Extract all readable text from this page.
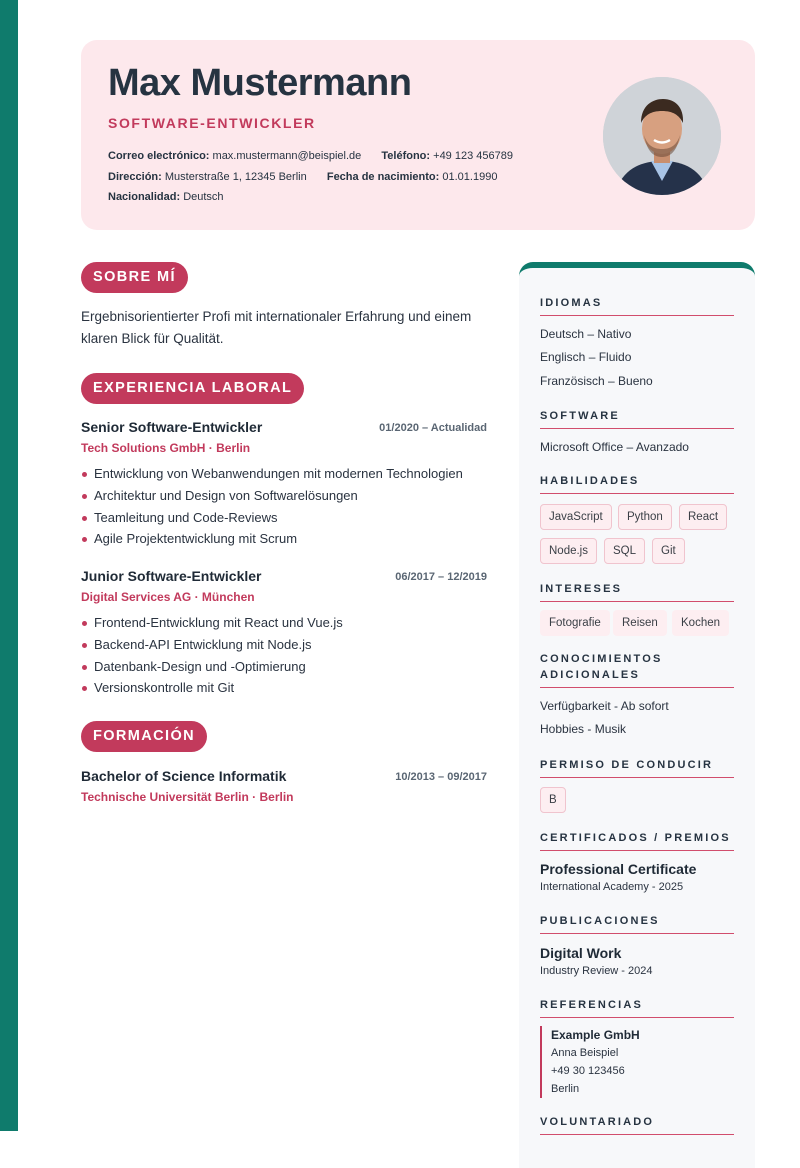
Max Mustermann
SOFTWARE-ENTWICKLER
Correo electrónico: max.mustermann@beispiel.de Teléfono: +49 123 456789
Dirección: Musterstraße 1, 12345 Berlin Fecha de nacimiento: 01.01.1990
Nacionalidad: Deutsch
SOBRE MÍ
Ergebnisorientierter Profi mit internationaler Erfahrung und einem klaren Blick für Qualität.
EXPERIENCIA LABORAL
Senior Software-Entwickler	01/2020 – Actualidad
Tech Solutions GmbH · Berlin
Entwicklung von Webanwendungen mit modernen Technologien
Architektur und Design von Softwarelösungen
Teamleitung und Code-Reviews
Agile Projektentwicklung mit Scrum
Junior Software-Entwickler	06/2017 – 12/2019
Digital Services AG · München
Frontend-Entwicklung mit React und Vue.js
Backend-API Entwicklung mit Node.js
Datenbank-Design und -Optimierung
Versionskontrolle mit Git
FORMACIÓN
Bachelor of Science Informatik	10/2013 – 09/2017
Technische Universität Berlin · Berlin
IDIOMAS
Deutsch – Nativo
Englisch – Fluido
Französisch – Bueno
SOFTWARE
Microsoft Office – Avanzado
HABILIDADES
JavaScript	Python	React
Node.js	SQL	Git
INTERESES
Fotografie	Reisen	Kochen
CONOCIMIENTOS
ADICIONALES
Verfügbarkeit - Ab sofort
Hobbies - Musik
PERMISO DE CONDUCIR
B
CERTIFICADOS / PREMIOS
Professional Certificate
International Academy - 2025
PUBLICACIONES
Digital Work
Industry Review - 2024
REFERENCIAS
Example GmbH
Anna Beispiel
+49 30 123456
Berlin
VOLUNTARIADO
